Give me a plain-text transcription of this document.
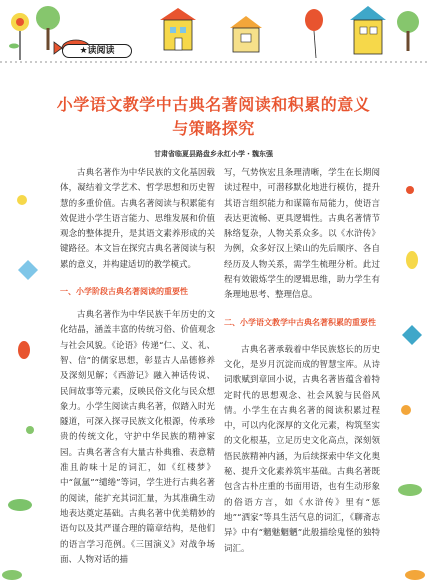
★读阅读
小学语文教学中古典名著阅读和积累的意义
与策略探究
甘肃省临夏县路盘乡永红小学・魏东强

古典名著作为中华民族的文化基因载体，凝结着文学艺术、哲学思想和历史智慧的多重价值。古典名著阅读与积累能有效促进小学生语言能力、思维发展和价值观念的整体提升，是其语文素养形成的关键路径。本文旨在探究古典名著阅读与积累的意义，并构建适切的教学模式。

一、小学阶段古典名著阅读的重要性

古典名著作为中华民族千年历史的文化结晶，涵盖丰富的传统习俗、价值观念与社会风貌。《论语》传递“仁、义、礼、智、信”的儒家思想，彰显古人品德修养及深刻见解；《西游记》融入神话传说、民间故事等元素，反映民俗文化与民众想象力。小学生阅读古典名著，似踏入时光隧道，可深入探寻民族文化根源，传承珍贵的传统文化，守护中华民族的精神家园。古典名著含有大量古朴典雅、表意精准且韵味十足的词汇，如《红楼梦》中“氤氲”“缱绻”等词，学生进行古典名著的阅读，能扩充其词汇量，为其准确生动地表达奠定基础。古典名著中优美精妙的语句以及其严谨合理的篇章结构，是他们的语言学习范例。《三国演义》对战争场面、人物对话的描

写，气势恢宏且条理清晰，学生在长期阅读过程中，可潜移默化地进行模仿，提升其语言组织能力和谋篇布局能力，使语言表达更流畅、更具逻辑性。古典名著情节脉络复杂，人物关系众多。以《水浒传》为例，众多好汉上梁山的先后顺序、各自经历及人物关系，需学生梳理分析。此过程有效锻炼学生的逻辑思维，助力学生有条理地思考、整理信息。

二、小学语文教学中古典名著积累的重要性

古典名著承载着中华民族悠长的历史文化，是岁月沉淀而成的智慧宝库。从诗词歌赋到章回小说，古典名著皆蕴含着特定时代的思想观念、社会风貌与民俗风情。小学生在古典名著的阅读积累过程中，可以内化深厚的文化元素，构筑坚实的文化根基，立足历史文化高点，深刻领悟民族精神内涵，为后续探索中华文化奥秘、提升文化素养筑牢基础。古典名著既包含古朴庄重的书面用语，也有生动形象的俗语方言，如《水浒传》里有“惩地”“洒家”等具生活气息的词汇，《聊斋志异》中有“魑魅魍魉”此般描绘鬼怪的独特词汇。
